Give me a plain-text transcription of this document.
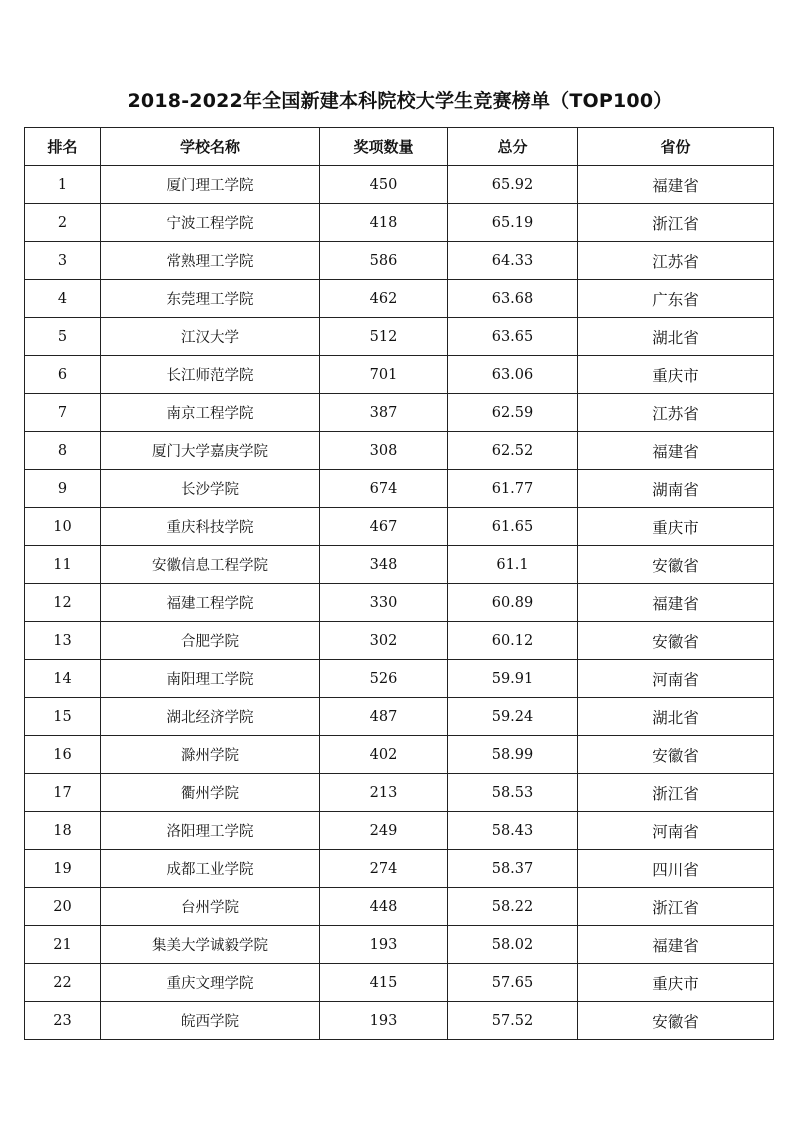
2018-2022年全国新建本科院校大学生竞赛榜单（TOP100）
排名	学校名称	奖项数量	总分	省份
1	厦门理工学院	450	65.92	福建省
2	宁波工程学院	418	65.19	浙江省
3	常熟理工学院	586	64.33	江苏省
4	东莞理工学院	462	63.68	广东省
5	江汉大学	512	63.65	湖北省
6	长江师范学院	701	63.06	重庆市
7	南京工程学院	387	62.59	江苏省
8	厦门大学嘉庚学院	308	62.52	福建省
9	长沙学院	674	61.77	湖南省
10	重庆科技学院	467	61.65	重庆市
11	安徽信息工程学院	348	61.1	安徽省
12	福建工程学院	330	60.89	福建省
13	合肥学院	302	60.12	安徽省
14	南阳理工学院	526	59.91	河南省
15	湖北经济学院	487	59.24	湖北省
16	滁州学院	402	58.99	安徽省
17	衢州学院	213	58.53	浙江省
18	洛阳理工学院	249	58.43	河南省
19	成都工业学院	274	58.37	四川省
20	台州学院	448	58.22	浙江省
21	集美大学诚毅学院	193	58.02	福建省
22	重庆文理学院	415	57.65	重庆市
23	皖西学院	193	57.52	安徽省
